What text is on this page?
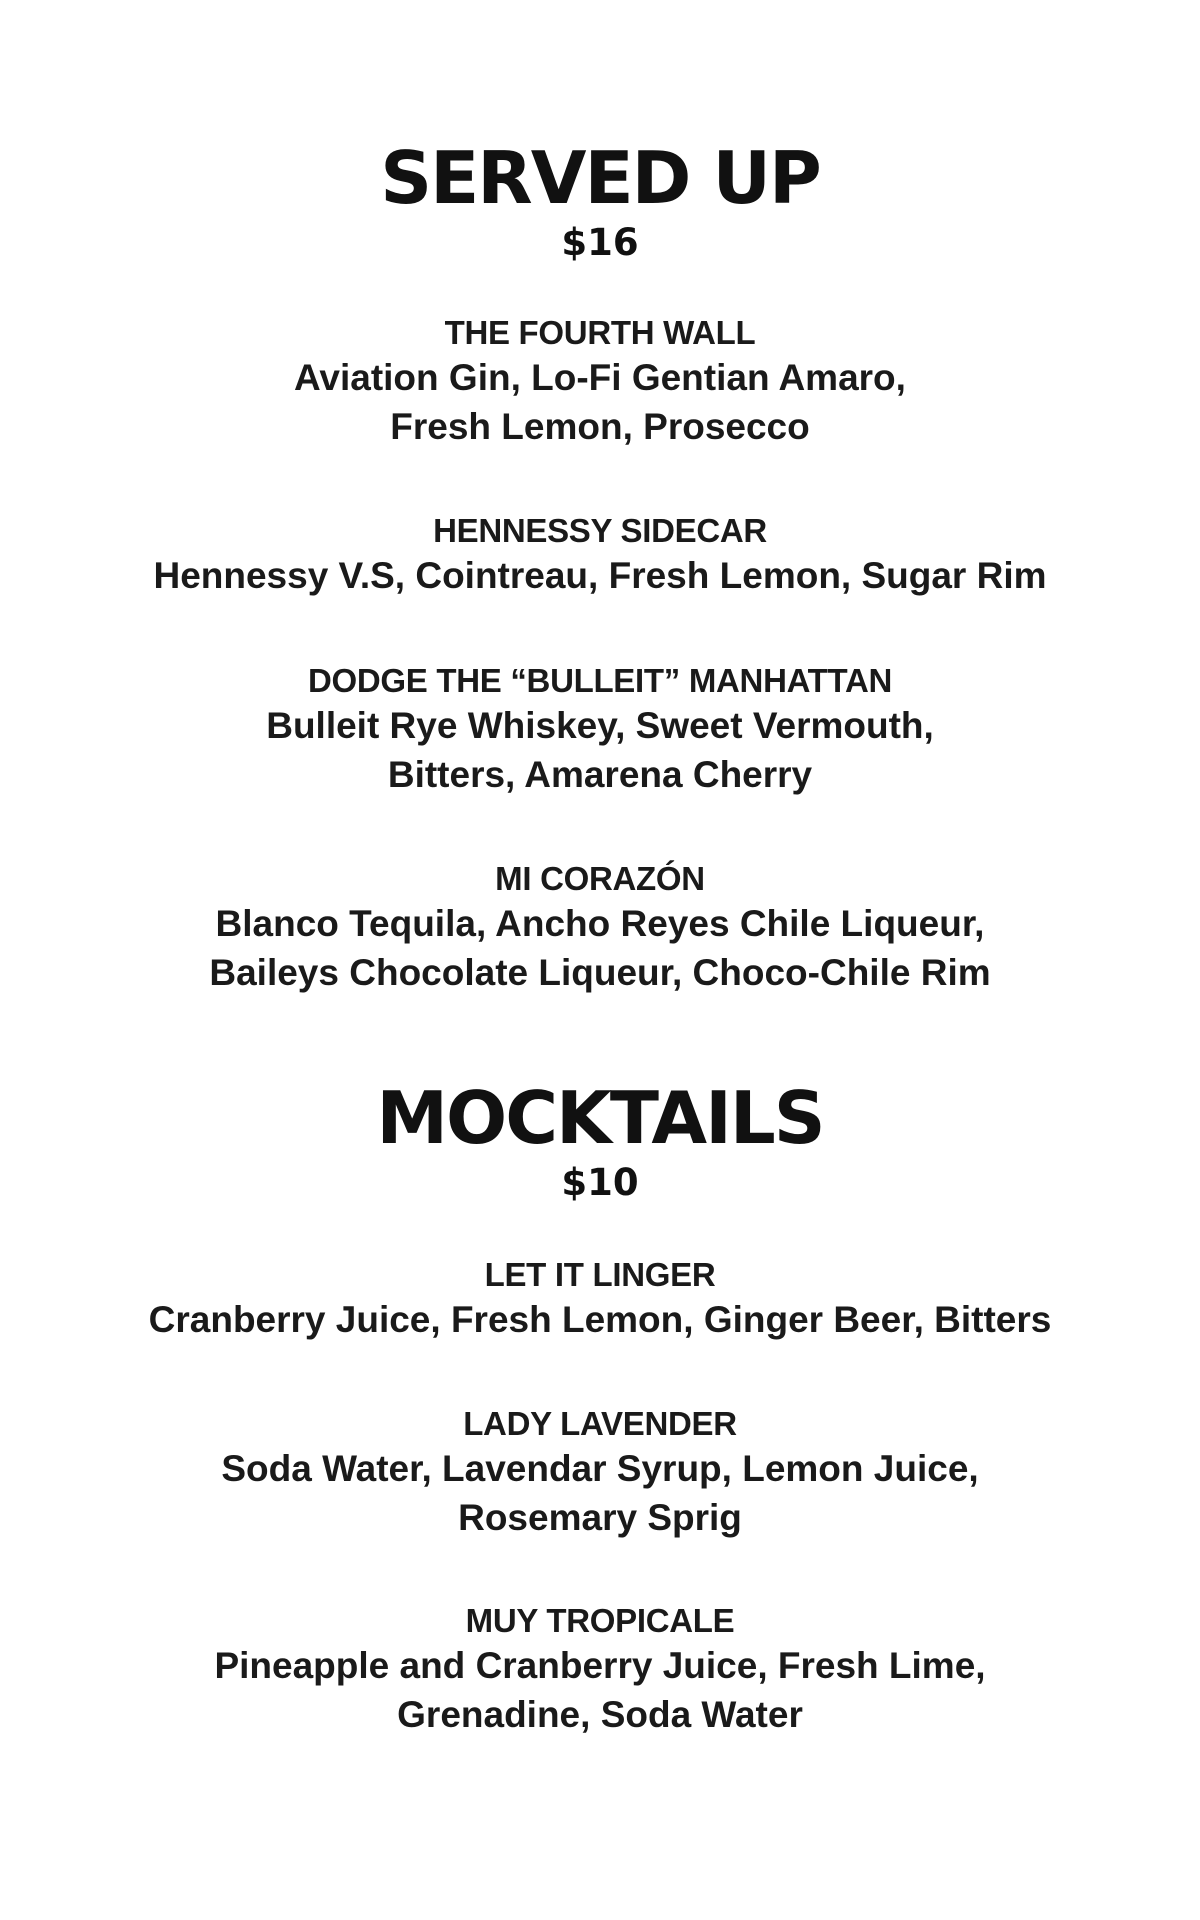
SERVED UP
$16
THE FOURTH WALL
Aviation Gin, Lo-Fi Gentian Amaro,
Fresh Lemon, Prosecco
HENNESSY SIDECAR
Hennessy V.S, Cointreau, Fresh Lemon, Sugar Rim
DODGE THE “BULLEIT” MANHATTAN
Bulleit Rye Whiskey, Sweet Vermouth,
Bitters, Amarena Cherry
MI CORAZÓN
Blanco Tequila, Ancho Reyes Chile Liqueur,
Baileys Chocolate Liqueur, Choco-Chile Rim
MOCKTAILS
$10
LET IT LINGER
Cranberry Juice, Fresh Lemon, Ginger Beer, Bitters
LADY LAVENDER
Soda Water, Lavendar Syrup, Lemon Juice,
Rosemary Sprig
MUY TROPICALE
Pineapple and Cranberry Juice, Fresh Lime,
Grenadine, Soda Water
